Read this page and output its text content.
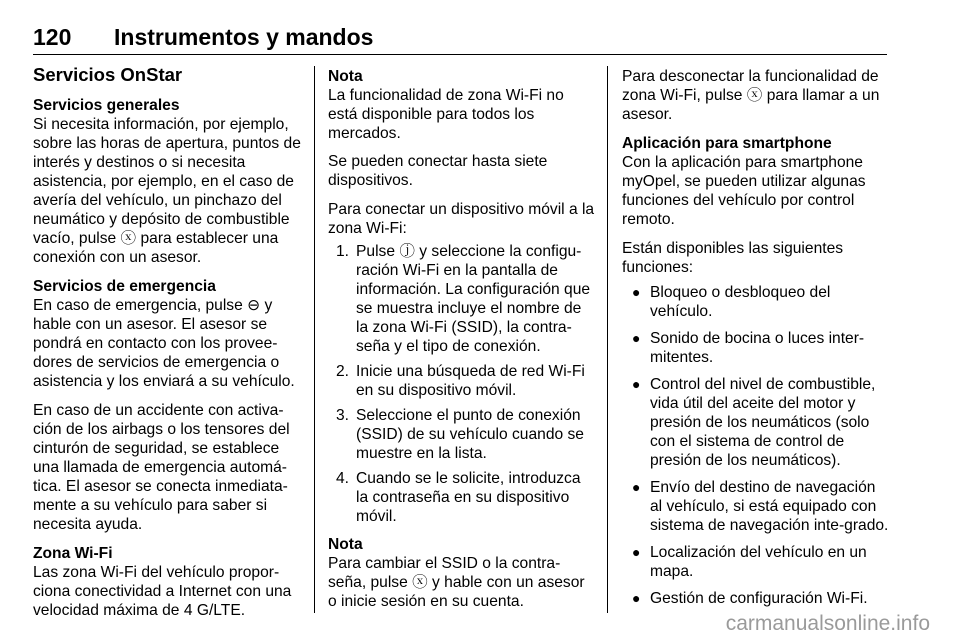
120 Instrumentos y mandos
Servicios OnStar
Servicios generales

Si necesita información, por ejemplo, sobre las horas de apertura, puntos de interés y destinos o si necesita asistencia, por ejemplo, en el caso de avería del vehículo, un pinchazo del neumático y depósito de combustible vacío, pulse ⓧ para establecer una conexión con un asesor.

Servicios de emergencia

En caso de emergencia, pulse ⊖ y hable con un asesor. El asesor se pondrá en contacto con los provee-dores de servicios de emergencia o asistencia y los enviará a su vehículo.

En caso de un accidente con activa-ción de los airbags o los tensores del cinturón de seguridad, se establece una llamada de emergencia automá-tica. El asesor se conecta inmediata-mente a su vehículo para saber si necesita ayuda.

Zona Wi-Fi

Las zona Wi-Fi del vehículo propor-ciona conectividad a Internet con una velocidad máxima de 4 G/LTE.

Nota
La funcionalidad de zona Wi-Fi no está disponible para todos los mercados.

Se pueden conectar hasta siete dispositivos.

Para conectar un dispositivo móvil a la zona Wi-Fi:

1. Pulse ⓙ y seleccione la configu-ración Wi-Fi en la pantalla de información. La configuración que se muestra incluye el nombre de la zona Wi-Fi (SSID), la contra-seña y el tipo de conexión.
2. Inicie una búsqueda de red Wi-Fi en su dispositivo móvil.
3. Seleccione el punto de conexión (SSID) de su vehículo cuando se muestre en la lista.
4. Cuando se le solicite, introduzca la contraseña en su dispositivo móvil.
Nota
Para cambiar el SSID o la contra-seña, pulse ⓧ y hable con un asesor o inicie sesión en su cuenta.

Para desconectar la funcionalidad de zona Wi-Fi, pulse ⓧ para llamar a un asesor.

Aplicación para smartphone

Con la aplicación para smartphone myOpel, se pueden utilizar algunas funciones del vehículo por control remoto.

Están disponibles las siguientes funciones:

● Bloqueo o desbloqueo del vehículo.
● Sonido de bocina o luces inter-mitentes.
● Control del nivel de combustible, vida útil del aceite del motor y presión de los neumáticos (solo con el sistema de control de presión de los neumáticos).
● Envío del destino de navegación al vehículo, si está equipado con sistema de navegación inte-grado.
● Localización del vehículo en un mapa.
● Gestión de configuración Wi-Fi.
carmanualsonline.info
